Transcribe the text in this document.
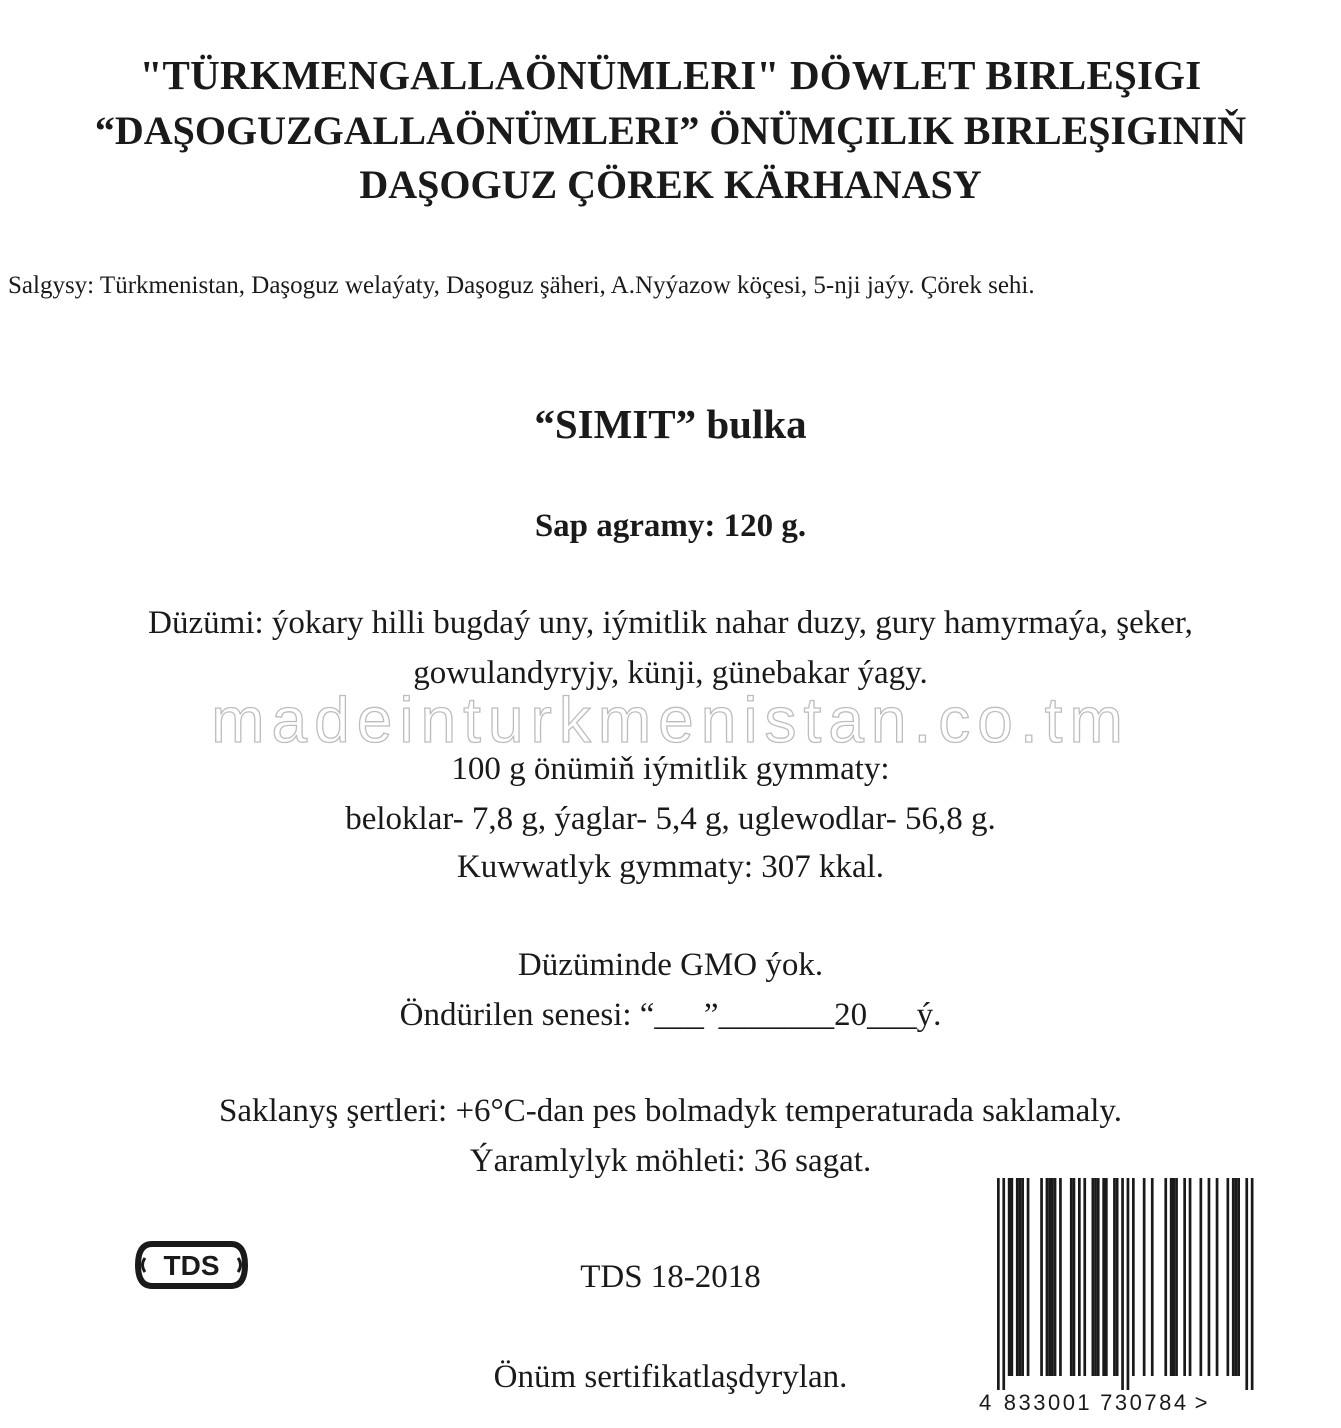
"TÜRKMENGALLAÖNÜMLERI" DÖWLET BIRLEŞIGI
“DAŞOGUZGALLAÖNÜMLERI” ÖNÜMÇILIK BIRLEŞIGINIŇ
DAŞOGUZ ÇÖREK KÄRHANASY
Salgysy: Türkmenistan, Daşoguz welaýaty, Daşoguz şäheri, A.Nyýazow köçesi, 5-nji jaýy. Çörek sehi.
“SIMIT” bulka
Sap agramy: 120 g.
Düzümi: ýokary hilli bugdaý uny, iýmitlik nahar duzy, gury hamyrmaýa, şeker,
gowulandyryjy, künji, günebakar ýagy.
madeinturkmenistan.co.tm
100 g önümiň iýmitlik gymmaty:
beloklar- 7,8 g, ýaglar- 5,4 g, uglewodlar- 56,8 g.
Kuwwatlyk gymmaty: 307 kkal.
Düzüminde GMO ýok.
Öndürilen senesi: “___”_______20___ý.
Saklanyş şertleri: +6°C-dan pes bolmadyk temperaturada saklamaly.
Ýaramlylyk möhleti: 36 sagat.
TDS	TDS 18-2018
Önüm sertifikatlaşdyrylan.
4 833001 730784 >
